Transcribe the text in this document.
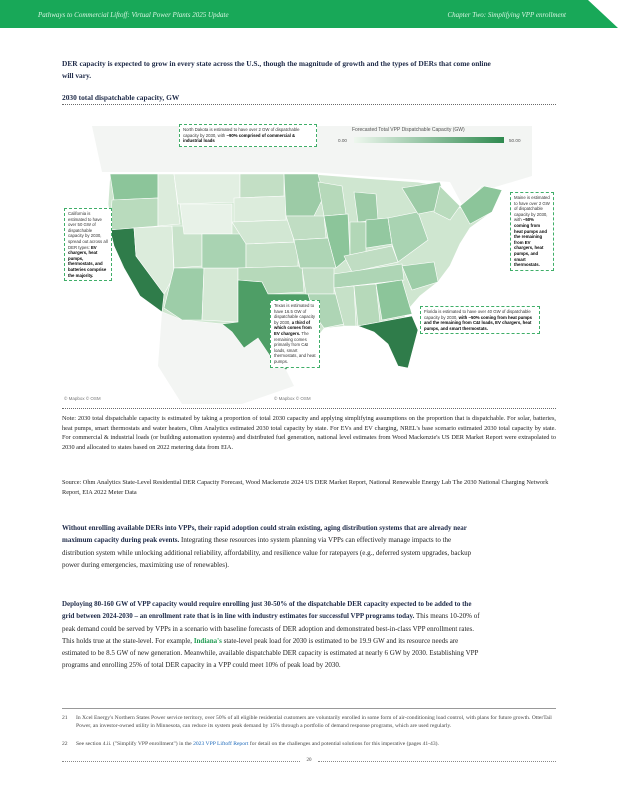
Pathways to Commercial Liftoff: Virtual Power Plants 2025 Update	Chapter Two: Simplifying VPP enrollment
DER capacity is expected to grow in every state across the U.S., though the magnitude of growth and the types of DERs that come online will vary.
2030 total dispatchable capacity, GW
Forecasted Total VPP Dispatchable Capacity (GW)
0.00	50.00
North Dakota is estimated to have over 2 GW of dispatchable capacity by 2030, with ~90% comprised of commercial & industrial loads
California is estimated to have over 50 GW of dispatchable capacity by 2030, spread out across all DER types: EV chargers, heat pumps, thermostats, and batteries comprise the majority.
Maine is estimated to have over 2 GW of dispatchable capacity by 2030, with ~50% coming from heat pumps and the remaining from EV chargers, heat pumps, and smart thermostats.
Texas is estimated to have 16.5 GW of dispatchable capacity by 2030, a third of which comes from EV chargers. The remaining comes primarily from C&I loads, smart thermostats, and heat pumps.
Florida is estimated to have over 40 GW of dispatchable capacity by 2030, with ~50% coming from heat pumps and the remaining from C&I loads, EV chargers, heat pumps, and smart thermostats.
© Mapbox © OSM	© Mapbox © OSM
Note: 2030 total dispatchable capacity is estimated by taking a proportion of total 2030 capacity and applying simplifying assumptions on the proportion that is dispatchable. For solar, batteries, heat pumps, smart thermostats and water heaters, Ohm Analytics estimated 2030 total capacity by state. For EVs and EV charging, NREL's base scenario estimated 2030 total capacity by state. For commercial & industrial loads (or building automation systems) and distributed fuel generation, national level estimates from Wood Mackenzie's US DER Market Report were extrapolated to 2030 and allocated to states based on 2022 metering data from EIA.
Source: Ohm Analytics State-Level Residential DER Capacity Forecast, Wood Mackenzie 2024 US DER Market Report, National Renewable Energy Lab The 2030 National Charging Network Report, EIA 2022 Meter Data
Without enrolling available DERs into VPPs, their rapid adoption could strain existing, aging distribution systems that are already near maximum capacity during peak events. Integrating these resources into system planning via VPPs can effectively manage impacts to the distribution system while unlocking additional reliability, affordability, and resilience value for ratepayers (e.g., deferred system upgrades, backup power during emergencies, maximizing use of renewables).
Deploying 80-160 GW of VPP capacity would require enrolling just 30-50% of the dispatchable DER capacity expected to be added to the grid between 2024-2030 – an enrollment rate that is in line with industry estimates for successful VPP programs today. This means 10-20% of peak demand could be served by VPPs in a scenario with baseline forecasts of DER adoption and demonstrated best-in-class VPP enrollment rates. This holds true at the state-level. For example, Indiana's state-level peak load for 2030 is estimated to be 19.9 GW and its resource needs are estimated to be 8.5 GW of new generation. Meanwhile, available dispatchable DER capacity is estimated at nearly 6 GW by 2030. Establishing VPP programs and enrolling 25% of total DER capacity in a VPP could meet 10% of peak load by 2030.
21 In Xcel Energy's Northern States Power service territory, over 50% of all eligible residential customers are voluntarily enrolled in some form of air-conditioning load control, with plans for future growth. OtterTail Power, an investor-owned utility in Minnesota, can reduce its system peak demand by 15% through a portfolio of demand response programs, which are used regularly.
22 See section 4.ii. ("Simplify VPP enrollment") in the 2023 VPP Liftoff Report for detail on the challenges and potential solutions for this imperative (pages 41-43).
20
